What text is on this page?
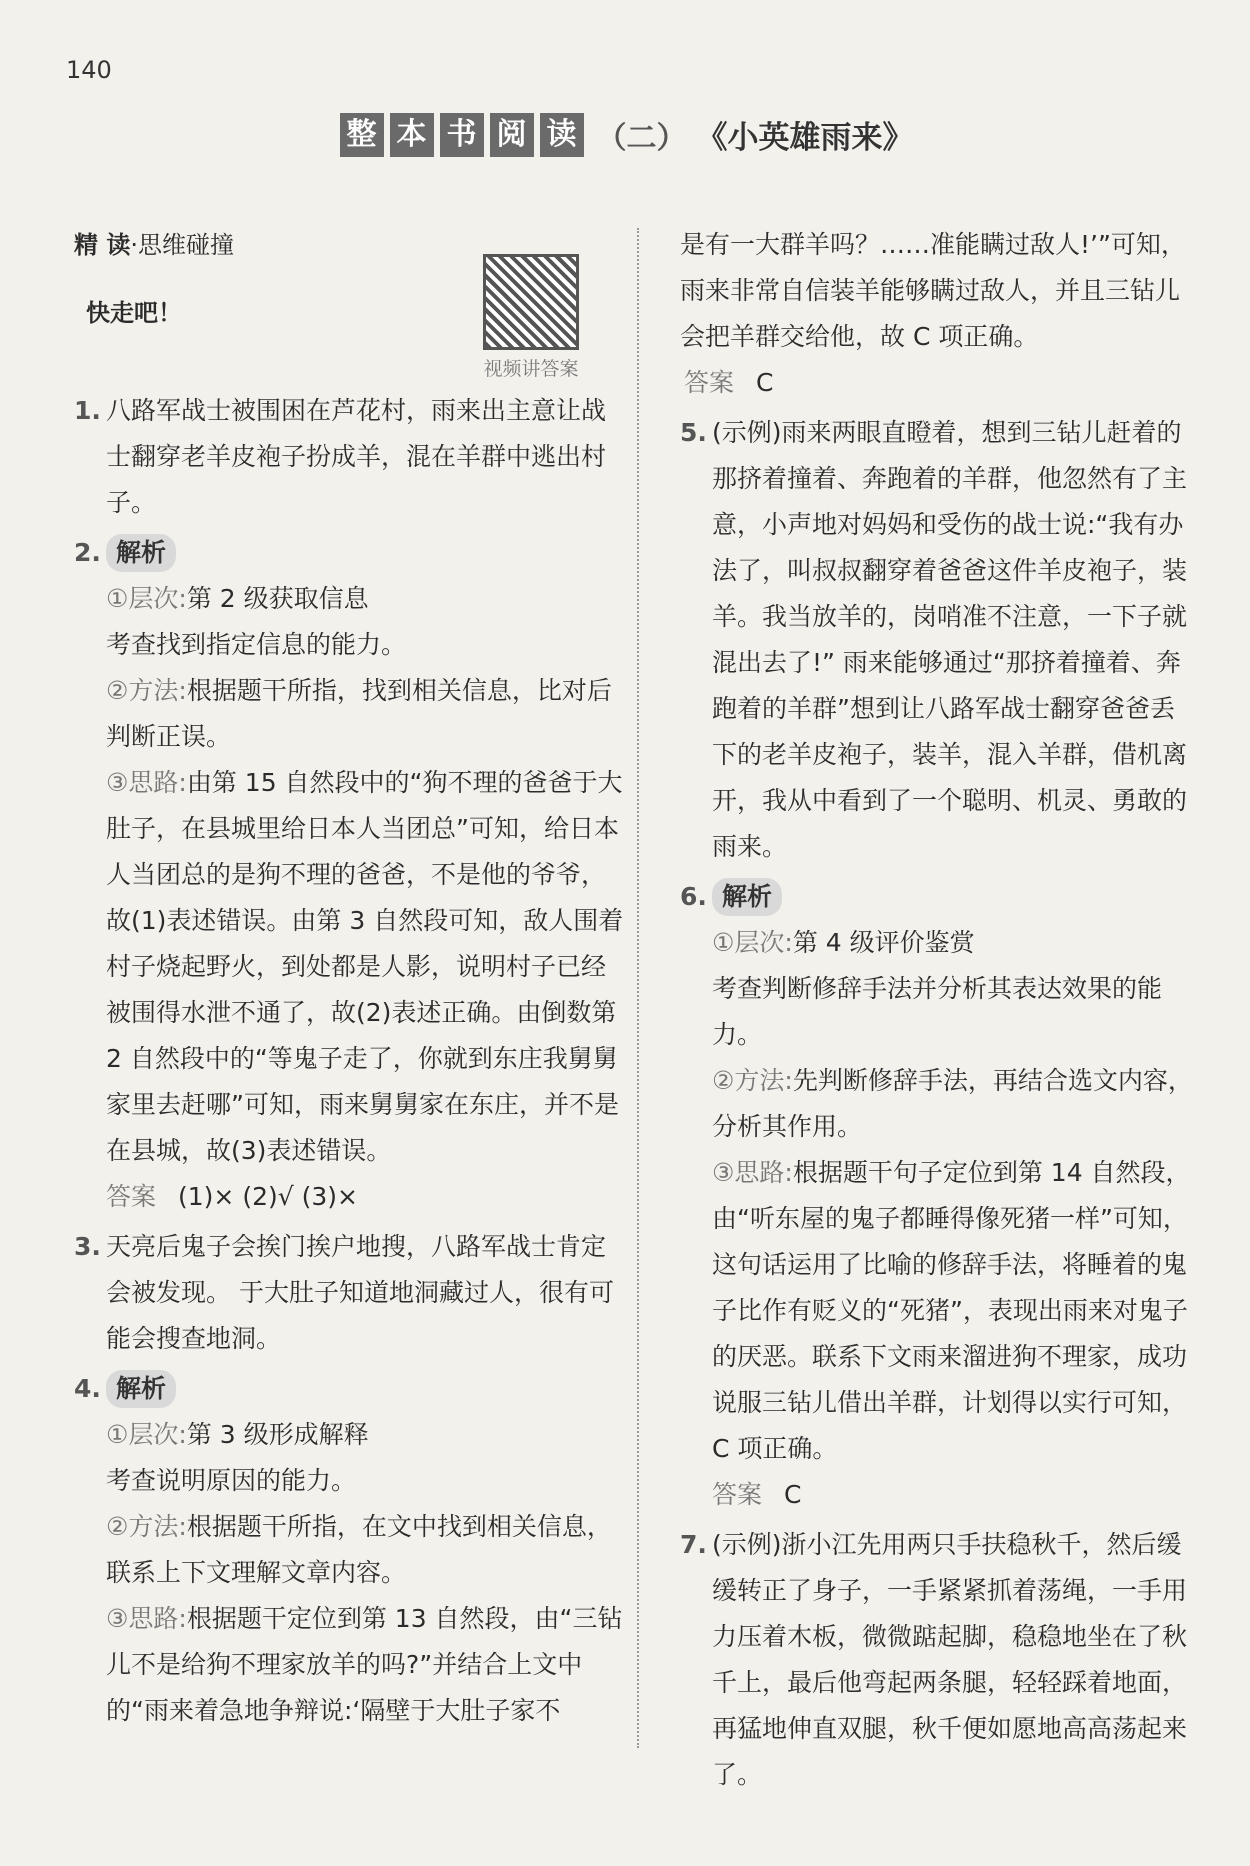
140
整 本 书 阅 读 （二） 《小英雄雨来》
视频讲答案
精 读·思维碰撞
快走吧！
1. 八路军战士被围困在芦花村，雨来出主意让战士翻穿老羊皮袍子扮成羊，混在羊群中逃出村子。
2. 解析
①层次:第 2 级获取信息
考查找到指定信息的能力。
②方法:根据题干所指，找到相关信息，比对后判断正误。
③思路:由第 15 自然段中的“狗不理的爸爸于大肚子，在县城里给日本人当团总”可知，给日本人当团总的是狗不理的爸爸，不是他的爷爷，故(1)表述错误。由第 3 自然段可知，敌人围着村子烧起野火，到处都是人影，说明村子已经被围得水泄不通了，故(2)表述正确。由倒数第 2 自然段中的“等鬼子走了，你就到东庄我舅舅家里去赶哪”可知，雨来舅舅家在东庄，并不是在县城，故(3)表述错误。
答案 (1)× (2)√ (3)×
3. 天亮后鬼子会挨门挨户地搜，八路军战士肯定会被发现。 于大肚子知道地洞藏过人，很有可能会搜查地洞。
4. 解析
①层次:第 3 级形成解释
考查说明原因的能力。
②方法:根据题干所指，在文中找到相关信息，联系上下文理解文章内容。
③思路:根据题干定位到第 13 自然段，由“三钻儿不是给狗不理家放羊的吗?”并结合上文中的“雨来着急地争辩说:‘隔壁于大肚子家不
是有一大群羊吗？……准能瞒过敌人!’”可知，雨来非常自信装羊能够瞒过敌人，并且三钻儿会把羊群交给他，故 C 项正确。
答案 C
5. (示例)雨来两眼直瞪着，想到三钻儿赶着的那挤着撞着、奔跑着的羊群，他忽然有了主意，小声地对妈妈和受伤的战士说:“我有办法了，叫叔叔翻穿着爸爸这件羊皮袍子，装羊。我当放羊的，岗哨准不注意，一下子就混出去了!” 雨来能够通过“那挤着撞着、奔跑着的羊群”想到让八路军战士翻穿爸爸丢下的老羊皮袍子，装羊，混入羊群，借机离开，我从中看到了一个聪明、机灵、勇敢的雨来。
6. 解析
①层次:第 4 级评价鉴赏
考查判断修辞手法并分析其表达效果的能力。
②方法:先判断修辞手法，再结合选文内容，分析其作用。
③思路:根据题干句子定位到第 14 自然段，由“听东屋的鬼子都睡得像死猪一样”可知，这句话运用了比喻的修辞手法，将睡着的鬼子比作有贬义的“死猪”，表现出雨来对鬼子的厌恶。联系下文雨来溜进狗不理家，成功说服三钻儿借出羊群，计划得以实行可知，C 项正确。
答案 C
7. (示例)浙小江先用两只手扶稳秋千，然后缓缓转正了身子，一手紧紧抓着荡绳，一手用力压着木板，微微踮起脚，稳稳地坐在了秋千上，最后他弯起两条腿，轻轻踩着地面，再猛地伸直双腿，秋千便如愿地高高荡起来了。
